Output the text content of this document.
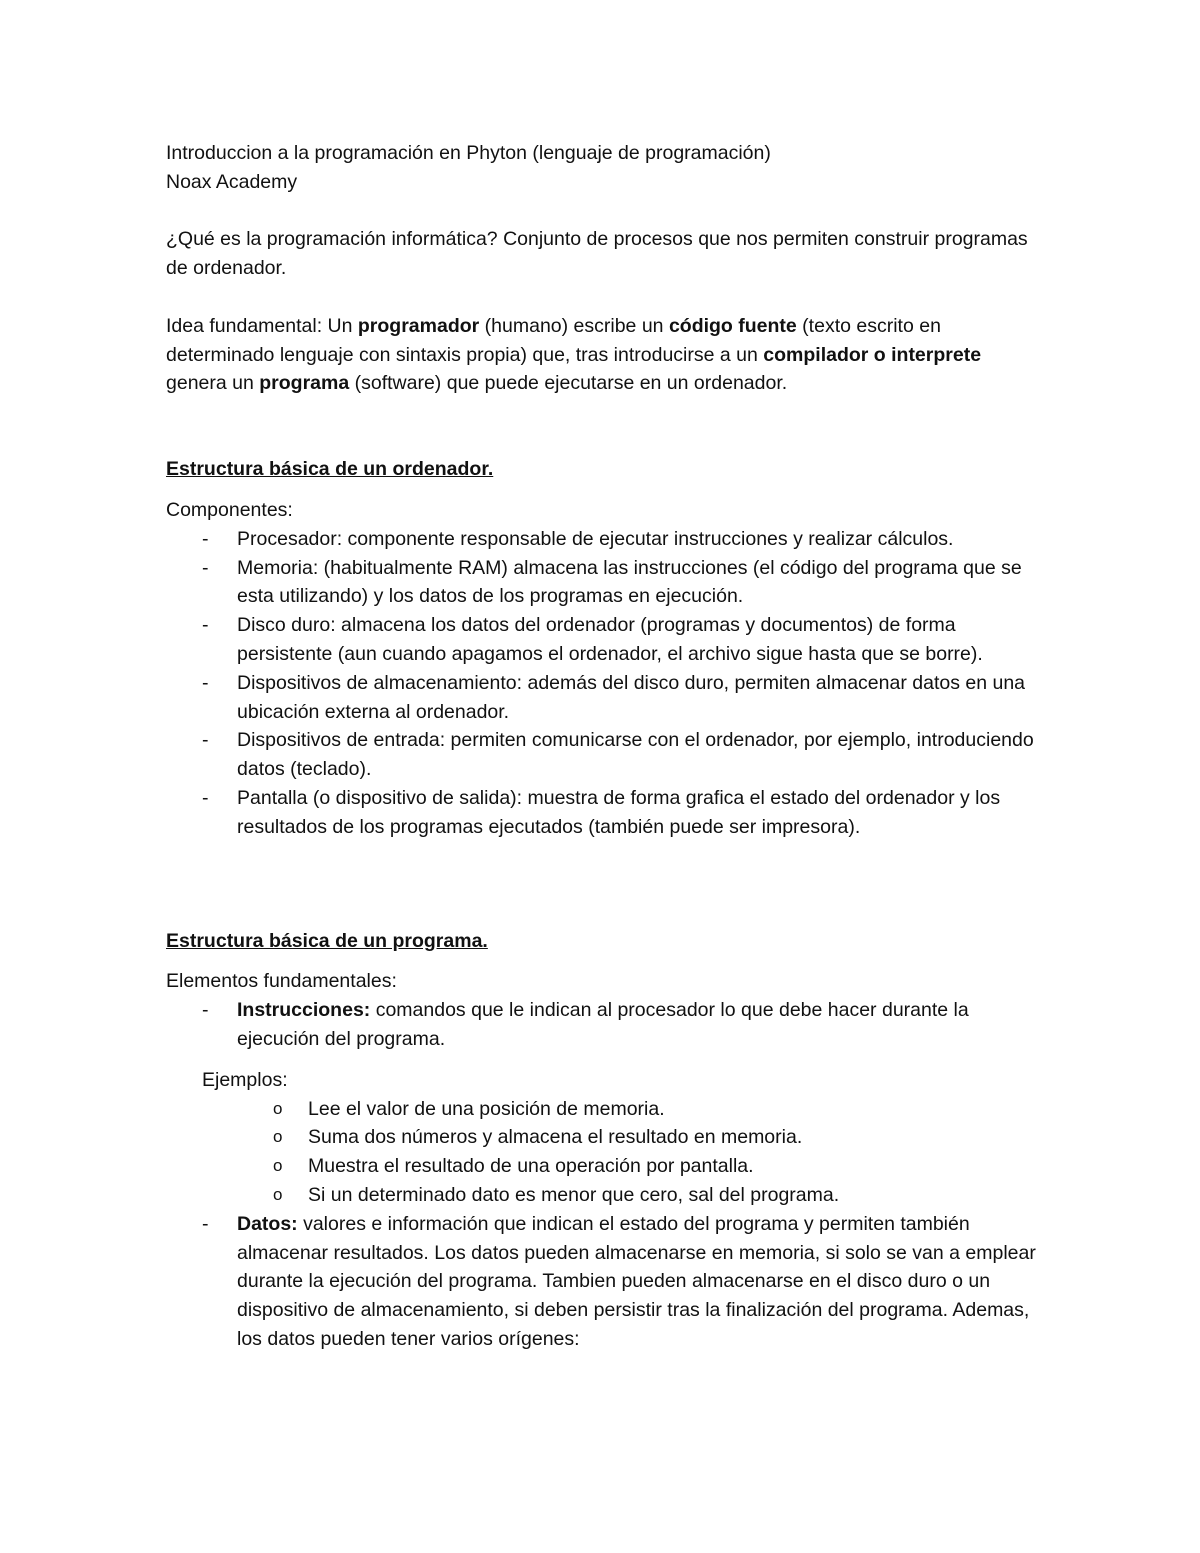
Introduccion a la programación en Phyton (lenguaje de programación)

Noax Academy

¿Qué es la programación informática? Conjunto de procesos que nos permiten construir programas de ordenador.

Idea fundamental: Un programador (humano) escribe un código fuente (texto escrito en determinado lenguaje con sintaxis propia) que, tras introducirse a un compilador o interprete genera un programa (software) que puede ejecutarse en un ordenador.

Estructura básica de un ordenador.

Componentes:

- Procesador: componente responsable de ejecutar instrucciones y realizar cálculos.
- Memoria: (habitualmente RAM) almacena las instrucciones (el código del programa que se esta utilizando) y los datos de los programas en ejecución.
- Disco duro: almacena los datos del ordenador (programas y documentos) de forma persistente (aun cuando apagamos el ordenador, el archivo sigue hasta que se borre).
- Dispositivos de almacenamiento: además del disco duro, permiten almacenar datos en una ubicación externa al ordenador.
- Dispositivos de entrada: permiten comunicarse con el ordenador, por ejemplo, introduciendo datos (teclado).
- Pantalla (o dispositivo de salida): muestra de forma grafica el estado del ordenador y los resultados de los programas ejecutados (también puede ser impresora).

Estructura básica de un programa.

Elementos fundamentales:

- Instrucciones: comandos que le indican al procesador lo que debe hacer durante la ejecución del programa.

Ejemplos:

o Lee el valor de una posición de memoria.
o Suma dos números y almacena el resultado en memoria.
o Muestra el resultado de una operación por pantalla.
o Si un determinado dato es menor que cero, sal del programa.
- Datos: valores e información que indican el estado del programa y permiten también almacenar resultados. Los datos pueden almacenarse en memoria, si solo se van a emplear durante la ejecución del programa. Tambien pueden almacenarse en el disco duro o un dispositivo de almacenamiento, si deben persistir tras la finalización del programa. Ademas, los datos pueden tener varios orígenes:
